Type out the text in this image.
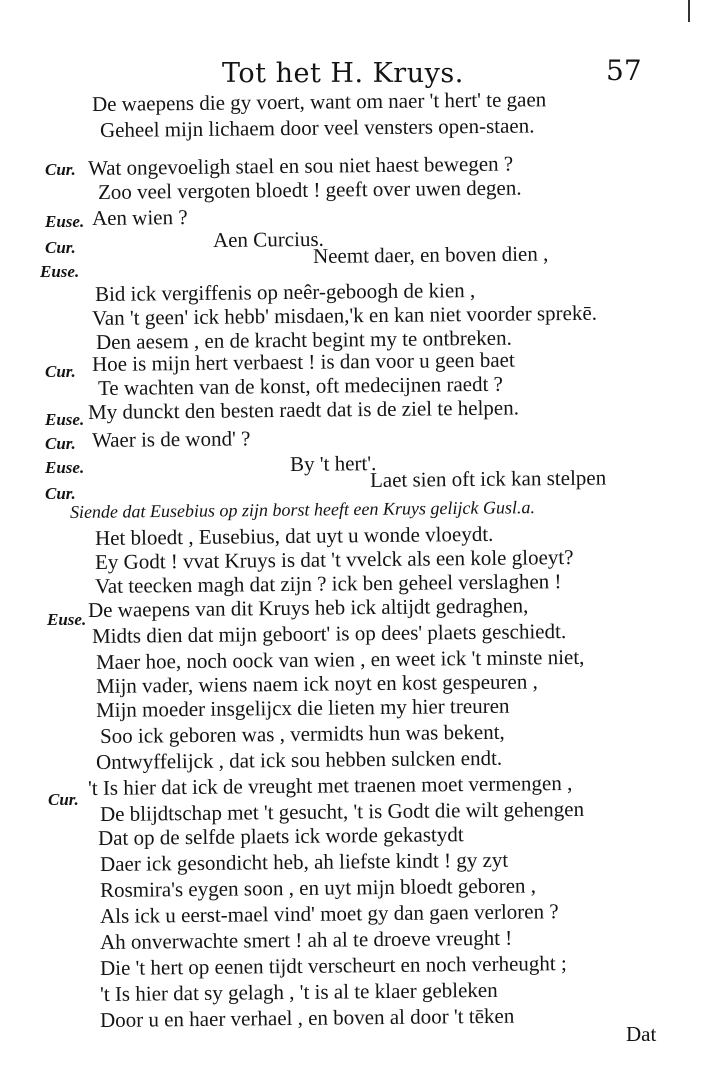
Tot het H. Kruys.	57
De waepens die gy voert, want om naer 't hert' te gaen
Geheel mijn lichaem door veel vensters open-staen.
Cur. Wat ongevoeligh stael en sou niet haest bewegen ?
Zoo veel vergoten bloedt ! geeft over uwen degen.
Euse. Aen wien ?
Cur.	Aen Curcius.
Euse.
Neemt daer, en boven dien ,
Bid ick vergiffenis op neêr-geboogh de kien ,
Van 't geen' ick hebb' misdaen,'k en kan niet voorder sprekē.
Den aesem , en de kracht begint my te ontbreken.
Cur. Hoe is mijn hert verbaest ! is dan voor u geen baet
Te wachten van de konst, oft medecijnen raedt ?
Euse. My dunckt den besten raedt dat is de ziel te helpen.
Cur. Waer is de wond' ?
Euse.	By 't hert'.
Cur.
Laet sien oft ick kan stelpen
Siende dat Eusebius op zijn borst heeft een Kruys gelijck Gusl.a.
Het bloedt , Eusebius, dat uyt u wonde vloeydt.
Ey Godt ! vvat Kruys is dat 't vvelck als een kole gloeyt?
Vat teecken magh dat zijn ? ick ben geheel verslaghen !
Euse. De waepens van dit Kruys heb ick altijdt gedraghen,
Midts dien dat mijn geboort' is op dees' plaets geschiedt.
Maer hoe, noch oock van wien , en weet ick 't minste niet,
Mijn vader, wiens naem ick noyt en kost gespeuren ,
Mijn moeder insgelijcx die lieten my hier treuren
Soo ick geboren was , vermidts hun was bekent,
Ontwyffelijck , dat ick sou hebben sulcken endt.
Cur. 't Is hier dat ick de vreught met traenen moet vermengen ,
De blijdtschap met 't gesucht, 't is Godt die wilt gehengen
Dat op de selfde plaets ick worde gekastydt
Daer ick gesondicht heb, ah liefste kindt ! gy zyt
Rosmira's eygen soon , en uyt mijn bloedt geboren ,
Als ick u eerst-mael vind' moet gy dan gaen verloren ?
Ah onverwachte smert ! ah al te droeve vreught !
Die 't hert op eenen tijdt verscheurt en noch verheught ;
't Is hier dat sy gelagh , 't is al te klaer gebleken
Door u en haer verhael , en boven al door 't tēken
Dat
